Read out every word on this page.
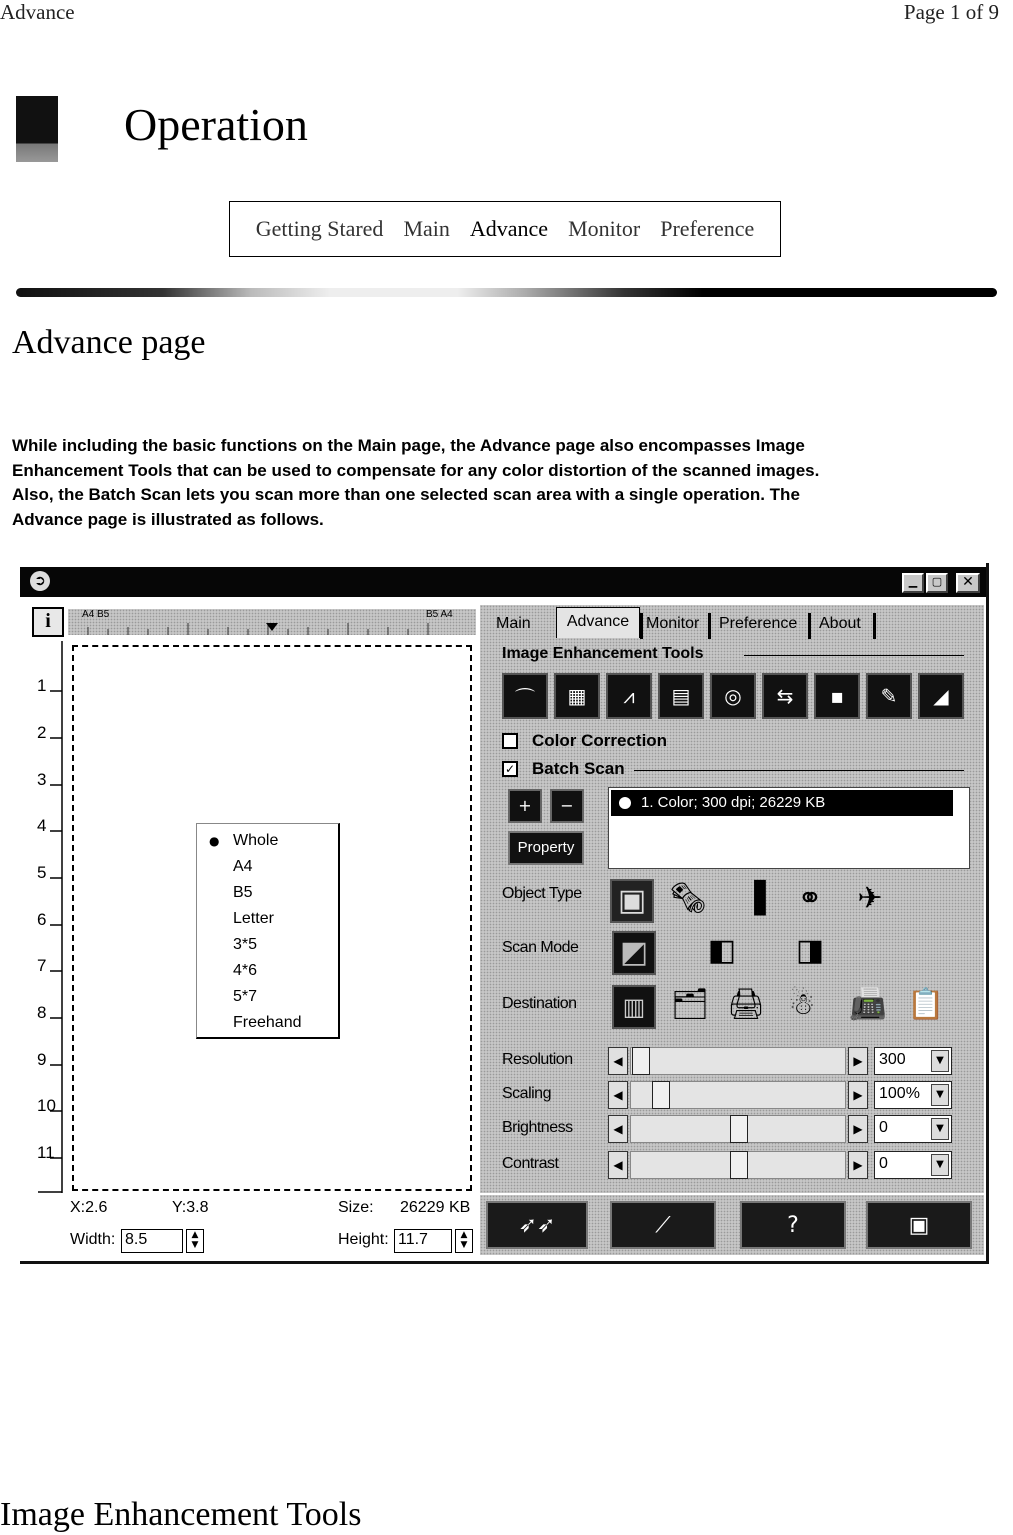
Advance	Page 1 of 9
Operation
Getting Stared Main Advance Monitor Preference
Advance page
While including the basic functions on the Main page, the Advance page also encompasses Image
Enhancement Tools that can be used to compensate for any color distortion of the scanned images.
Also, the Batch Scan lets you scan more than one selected scan area with a single operation. The
Advance page is illustrated as follows.
➲	▁	▢	✕
i	A4 B5	B5 A4
1
2
3
4
5
6
7
8
9
10
11
● Whole
A4
B5
Letter
3*5
4*6
5*7
Freehand
X:2.6	Y:3.8	Size: 26229 KB
Width: 8.5	▲
▼	Height: 11.7	▲
▼
Main	Advance	Monitor Preference About
Image Enhancement Tools
⌒	▦	⩘	▤	◎	⇆	▪	✎	◢
Color Correction
✓ Batch Scan
+	−
Property
1. Color; 300 dpi; 26229 KB
Object Type ▣ 🗞	▐	⚭	✈
Scan Mode ◩ ◧ ◨
Destination	▥ 🗂 🖨 ☃ 📠 📋
Resolution	◀	▶	300	▼
Scaling	◀	▶	100%	▼
Brightness	◀	▶	0	▼
Contrast	◀	▶	0	▼
➶➶	⟋	?	▣
Image Enhancement Tools
